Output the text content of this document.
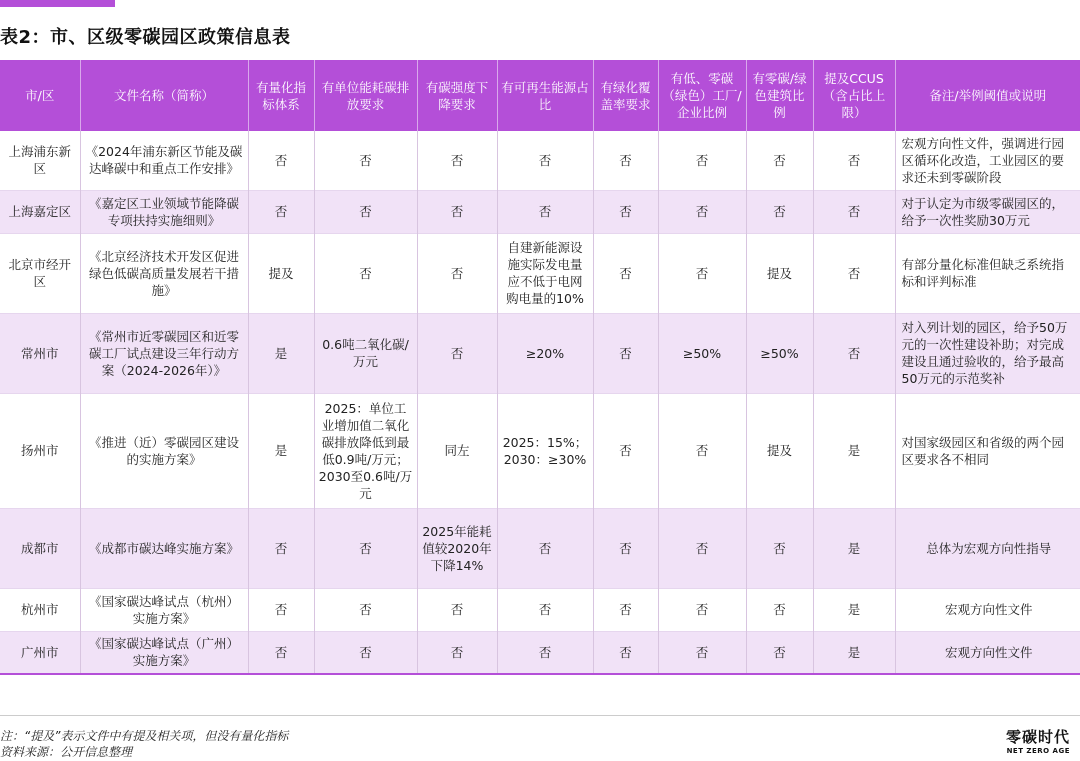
表2：市、区级零碳园区政策信息表
市/区	文件名称（简称）	有量化指标体系	有单位能耗碳排放要求	有碳强度下降要求	有可再生能源占比	有绿化覆盖率要求	有低、零碳（绿色）工厂/企业比例	有零碳/绿色建筑比例	提及CCUS（含占比上限）	备注/举例阈值或说明
上海浦东新区	《2024年浦东新区节能及碳达峰碳中和重点工作安排》	否	否	否	否	否	否	否	否	宏观方向性文件，强调进行园区循环化改造，工业园区的要求还未到零碳阶段
上海嘉定区	《嘉定区工业领域节能降碳专项扶持实施细则》	否	否	否	否	否	否	否	否	对于认定为市级零碳园区的，给予一次性奖励30万元
北京市经开区	《北京经济技术开发区促进绿色低碳高质量发展若干措施》	提及	否	否	自建新能源设施实际发电量应不低于电网购电量的10%	否	否	提及	否	有部分量化标准但缺乏系统指标和评判标准
常州市	《常州市近零碳园区和近零碳工厂试点建设三年行动方案（2024-2026年）》	是	0.6吨二氧化碳/万元	否	≥20%	否	≥50%	≥50%	否	对入列计划的园区，给予50万元的一次性建设补助；对完成建设且通过验收的，给予最高50万元的示范奖补
扬州市	《推进（近）零碳园区建设的实施方案》	是	2025：单位工业增加值二氧化碳排放降低到最低0.9吨/万元；2030至0.6吨/万元	同左	2025：15%；2030：≥30%	否	否	提及	是	对国家级园区和省级的两个园区要求各不相同
成都市	《成都市碳达峰实施方案》	否	否	2025年能耗值较2020年下降14%	否	否	否	否	是	总体为宏观方向性指导
杭州市	《国家碳达峰试点（杭州）实施方案》	否	否	否	否	否	否	否	是	宏观方向性文件
广州市	《国家碳达峰试点（广州）实施方案》	否	否	否	否	否	否	否	是	宏观方向性文件
注：“提及”表示文件中有提及相关项，但没有量化指标
资料来源：公开信息整理
零碳时代
NET ZERO AGE
